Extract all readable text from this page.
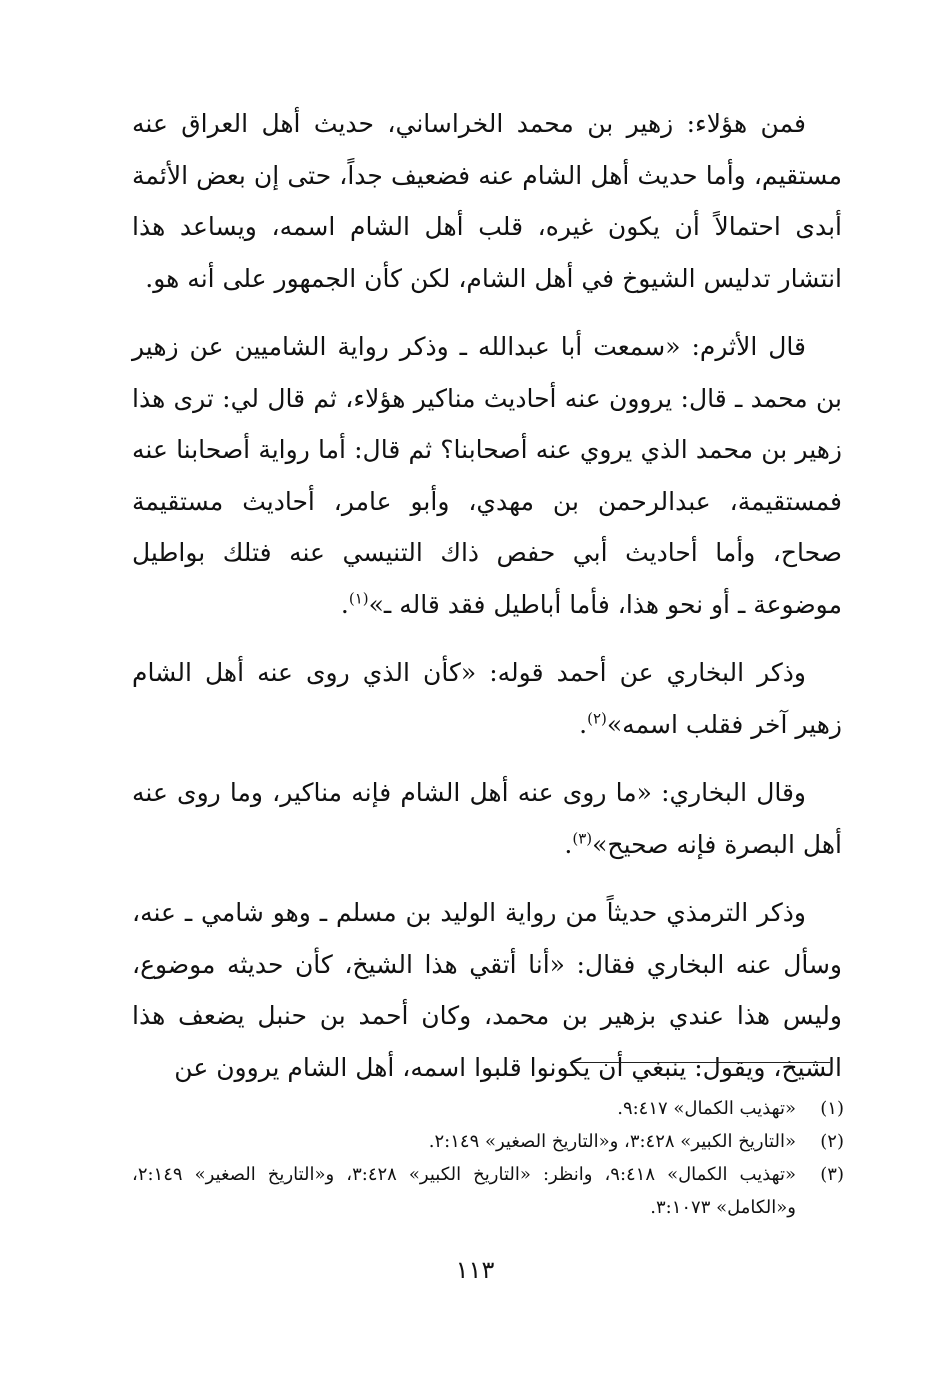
فمن هؤلاء: زهير بن محمد الخراساني، حديث أهل العراق عنه مستقيم، وأما حديث أهل الشام عنه فضعيف جداً، حتى إن بعض الأئمة أبدى احتمالاً أن يكون غيره، قلب أهل الشام اسمه، ويساعد هذا انتشار تدليس الشيوخ في أهل الشام، لكن كأن الجمهور على أنه هو.

قال الأثرم: «سمعت أبا عبدالله ـ وذكر رواية الشاميين عن زهير بن محمد ـ قال: يروون عنه أحاديث مناكير هؤلاء، ثم قال لي: ترى هذا زهير بن محمد الذي يروي عنه أصحابنا؟ ثم قال: أما رواية أصحابنا عنه فمستقيمة، عبدالرحمن بن مهدي، وأبو عامر، أحاديث مستقيمة صحاح، وأما أحاديث أبي حفص ذاك التنيسي عنه فتلك بواطيل موضوعة ـ أو نحو هذا، فأما أباطيل فقد قاله ـ»$^{(١)}$.

وذكر البخاري عن أحمد قوله: «كأن الذي روى عنه أهل الشام زهير آخر فقلب اسمه»$^{(٢)}$.

وقال البخاري: «ما روى عنه أهل الشام فإنه مناكير، وما روى عنه أهل البصرة فإنه صحيح»$^{(٣)}$.

وذكر الترمذي حديثاً من رواية الوليد بن مسلم ـ وهو شامي ـ عنه، وسأل عنه البخاري فقال: «أنا أتقي هذا الشيخ، كأن حديثه موضوع، وليس هذا عندي بزهير بن محمد، وكان أحمد بن حنبل يضعف هذا الشيخ، ويقول: ينبغي أن يكونوا قلبوا اسمه، أهل الشام يروون عن

(١)
«تهذيب الكمال» ٩:٤١٧.
(٢)
«التاريخ الكبير» ٣:٤٢٨، و«التاريخ الصغير» ٢:١٤٩.
(٣)
«تهذيب الكمال» ٩:٤١٨، وانظر: «التاريخ الكبير» ٣:٤٢٨، و«التاريخ الصغير» ٢:١٤٩، و«الكامل» ٣:١٠٧٣.
١١٣
